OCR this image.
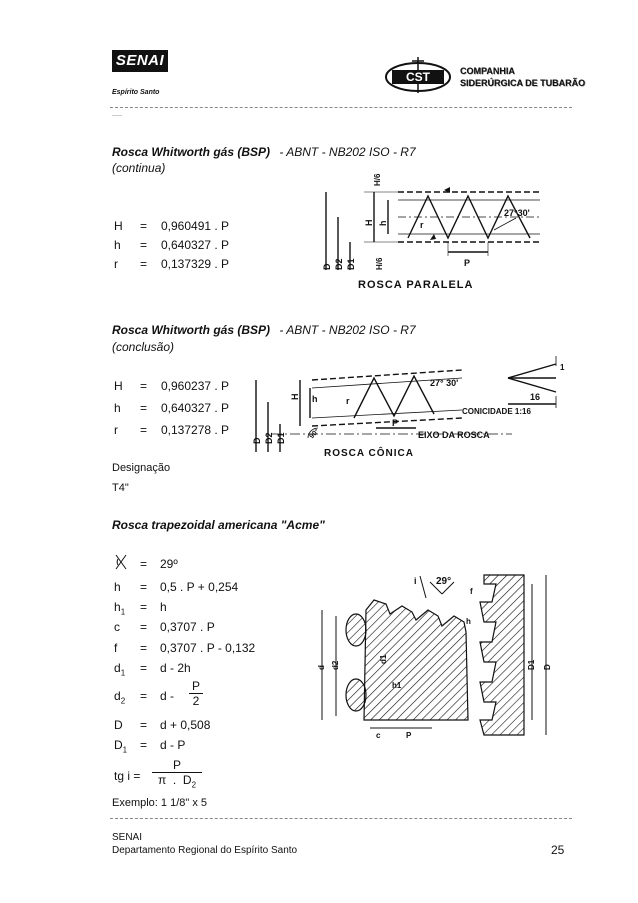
SENAI
Espírito Santo
CST	COMPANHIA
SIDERÚRGICA DE TUBARÃO
___
Rosca Whitworth gás (BSP) - ABNT - NB202 ISO - R7
(continua)
H = 0,960491 . P
h = 0,640327 . P
r = 0,137329 . P
27°30'
H/6
H h	r
D D2 D1 H/6	P
ROSCA PARALELA
Rosca Whitworth gás (BSP) - ABNT - NB202 ISO - R7
(conclusão)
H = 0,960237 . P
h = 0,640327 . P
r = 0,137278 . P
Designação
T4"
27° 30'
H h	r
D D2 D1
P
90°	EIXO DA ROSCA
ROSCA CÔNICA
CONICIDADE 1:16
16
1
Rosca trapezoidal americana "Acme"
= 29º
h = 0,5 . P + 0,254
$h_1 = h$
c = 0,3707 . P
f = 0,3707 . P - 0,132
$d_1 = d - 2h$
$d_2 = d$ -
P
2
D = d + 0,508
$D_1 = d - P$
tg i =
P
π . $D_2$
Exemplo: 1 1/8" x 5
29°
i
f
h
h1
d d2
d1
D1 D
c	P
SENAI
Departamento Regional do Espírito Santo	25
